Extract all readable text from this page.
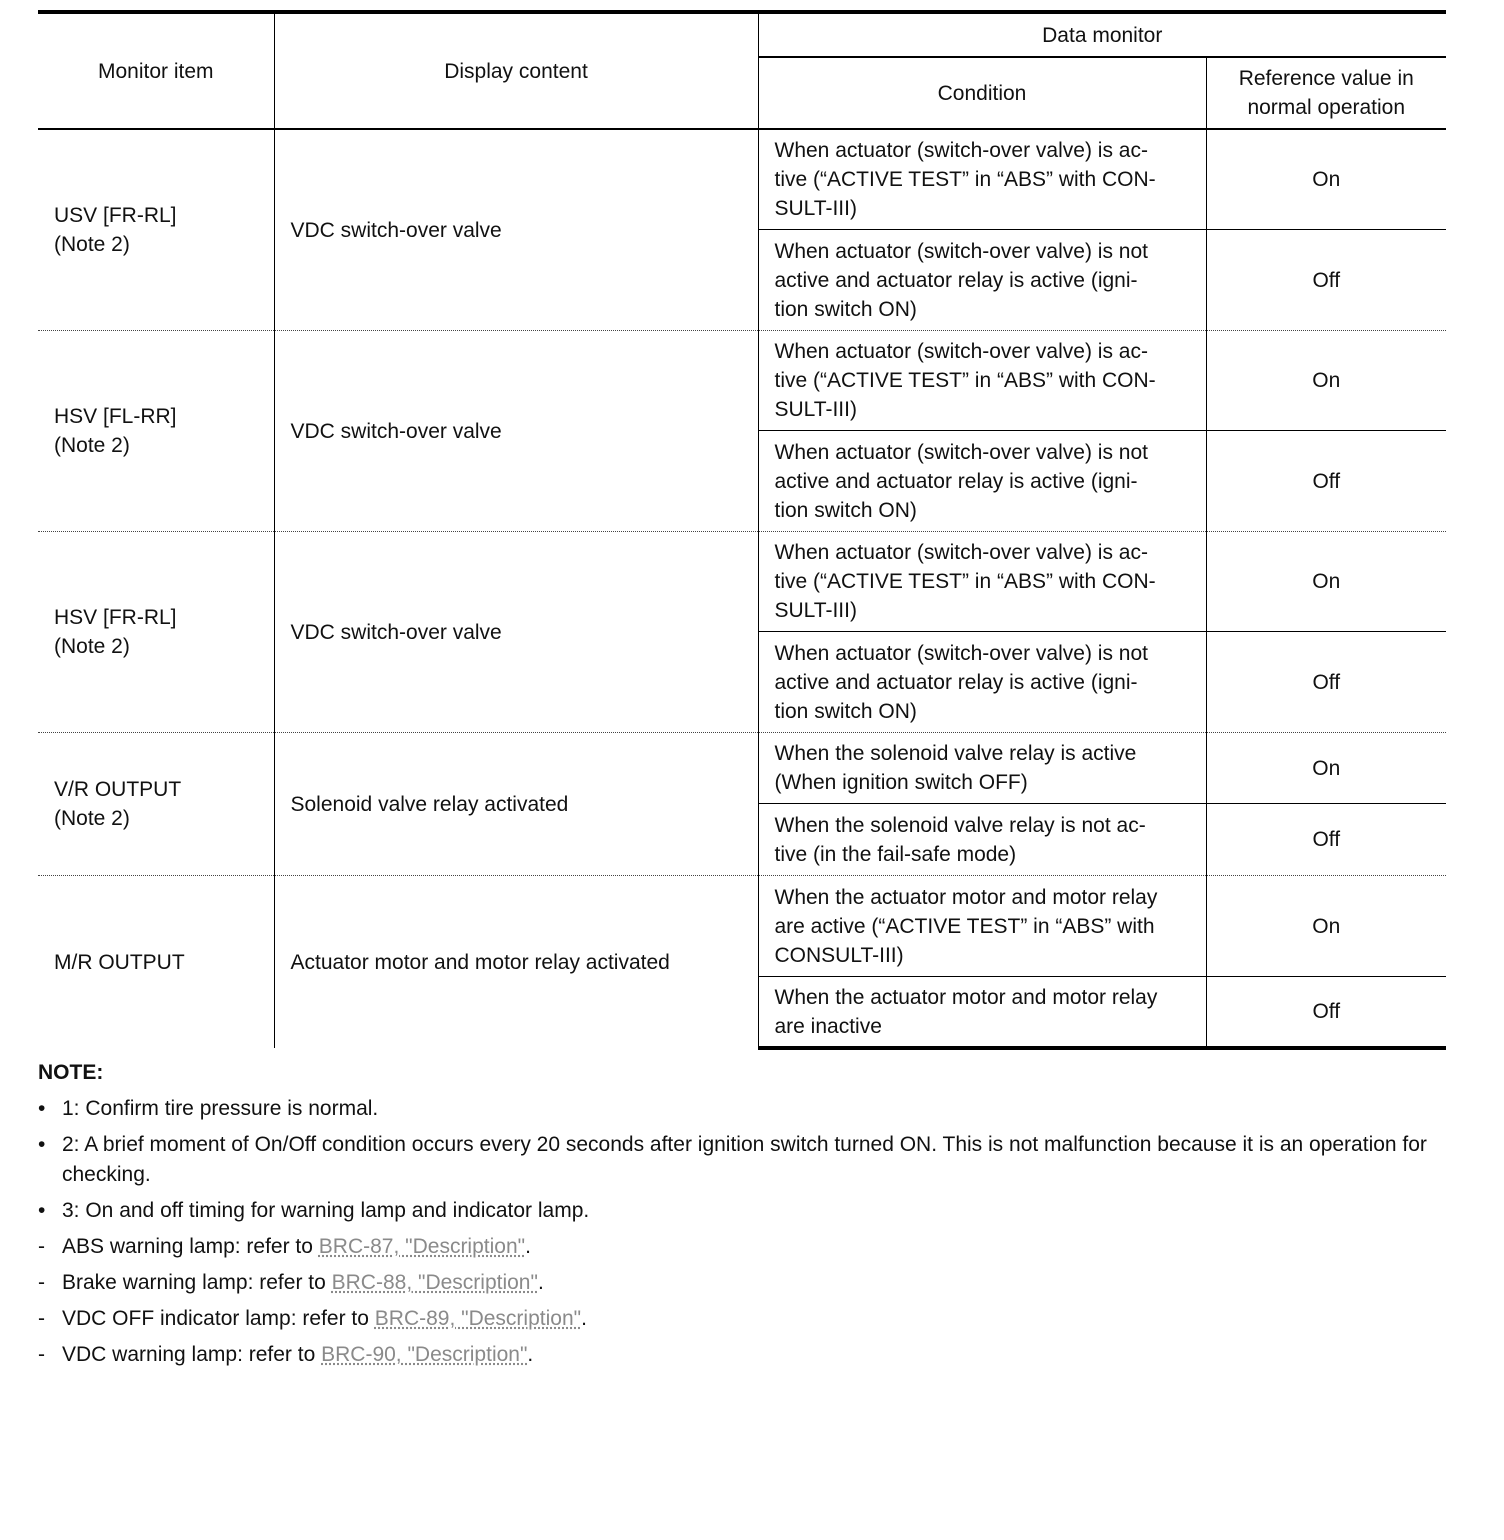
Monitor item	Display content	Data monitor	
		Condition	Reference value in normal operation
USV [FR-RL]
(Note 2)	VDC switch-over valve	When actuator (switch-over valve) is ac-
tive (“ACTIVE TEST” in “ABS” with CON-
SULT-III)	On
		When actuator (switch-over valve) is not
active and actuator relay is active (igni-
tion switch ON)	Off
HSV [FL-RR]
(Note 2)	VDC switch-over valve	When actuator (switch-over valve) is ac-
tive (“ACTIVE TEST” in “ABS” with CON-
SULT-III)	On
		When actuator (switch-over valve) is not
active and actuator relay is active (igni-
tion switch ON)	Off
HSV [FR-RL]
(Note 2)	VDC switch-over valve	When actuator (switch-over valve) is ac-
tive (“ACTIVE TEST” in “ABS” with CON-
SULT-III)	On
		When actuator (switch-over valve) is not
active and actuator relay is active (igni-
tion switch ON)	Off
V/R OUTPUT
(Note 2)	Solenoid valve relay activated	When the solenoid valve relay is active
(When ignition switch OFF)	On
		When the solenoid valve relay is not ac-
tive (in the fail-safe mode)	Off
M/R OUTPUT	Actuator motor and motor relay activated	When the actuator motor and motor relay
are active (“ACTIVE TEST” in “ABS” with
CONSULT-III)	On
		When the actuator motor and motor relay
are inactive	Off
NOTE:
• 1: Confirm tire pressure is normal.
• 2: A brief moment of On/Off condition occurs every 20 seconds after ignition switch turned ON. This is not malfunction because it is an operation for checking.
• 3: On and off timing for warning lamp and indicator lamp.
- ABS warning lamp: refer to BRC-87, "Description".
- Brake warning lamp: refer to BRC-88, "Description".
- VDC OFF indicator lamp: refer to BRC-89, "Description".
- VDC warning lamp: refer to BRC-90, "Description".
